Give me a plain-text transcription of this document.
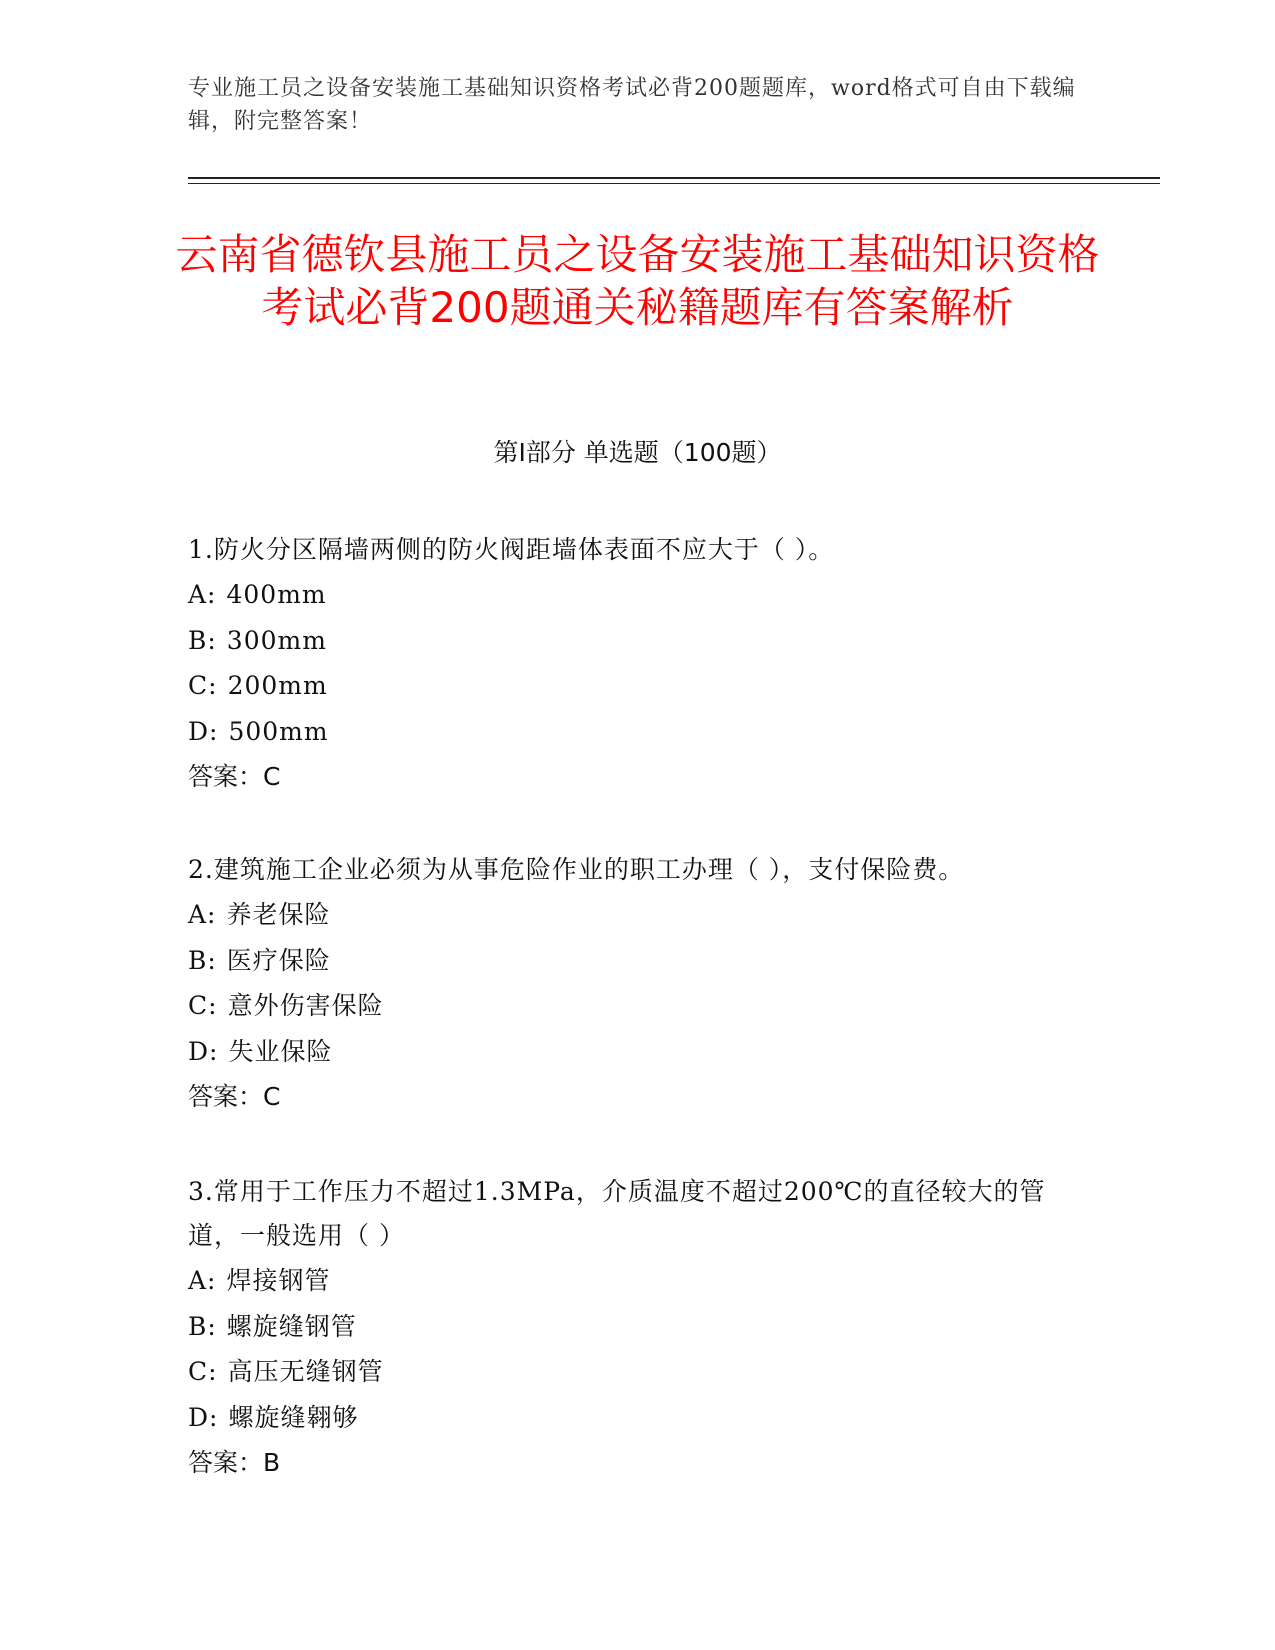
专业施工员之设备安装施工基础知识资格考试必背200题题库，word格式可自由下载编辑，附完整答案！
云南省德钦县施工员之设备安装施工基础知识资格考试必背200题通关秘籍题库有答案解析
第I部分 单选题（100题）
1.防火分区隔墙两侧的防火阀距墙体表面不应大于（ ）。
A: 400mm
B: 300mm
C: 200mm
D: 500mm
答案：C
2.建筑施工企业必须为从事危险作业的职工办理（ ），支付保险费。
A: 养老保险
B: 医疗保险
C: 意外伤害保险
D: 失业保险
答案：C
3.常用于工作压力不超过1.3MPa，介质温度不超过200℃的直径较大的管道，一般选用（ ）
A: 焊接钢管
B: 螺旋缝钢管
C: 高压无缝钢管
D: 螺旋缝翱够
答案：B
